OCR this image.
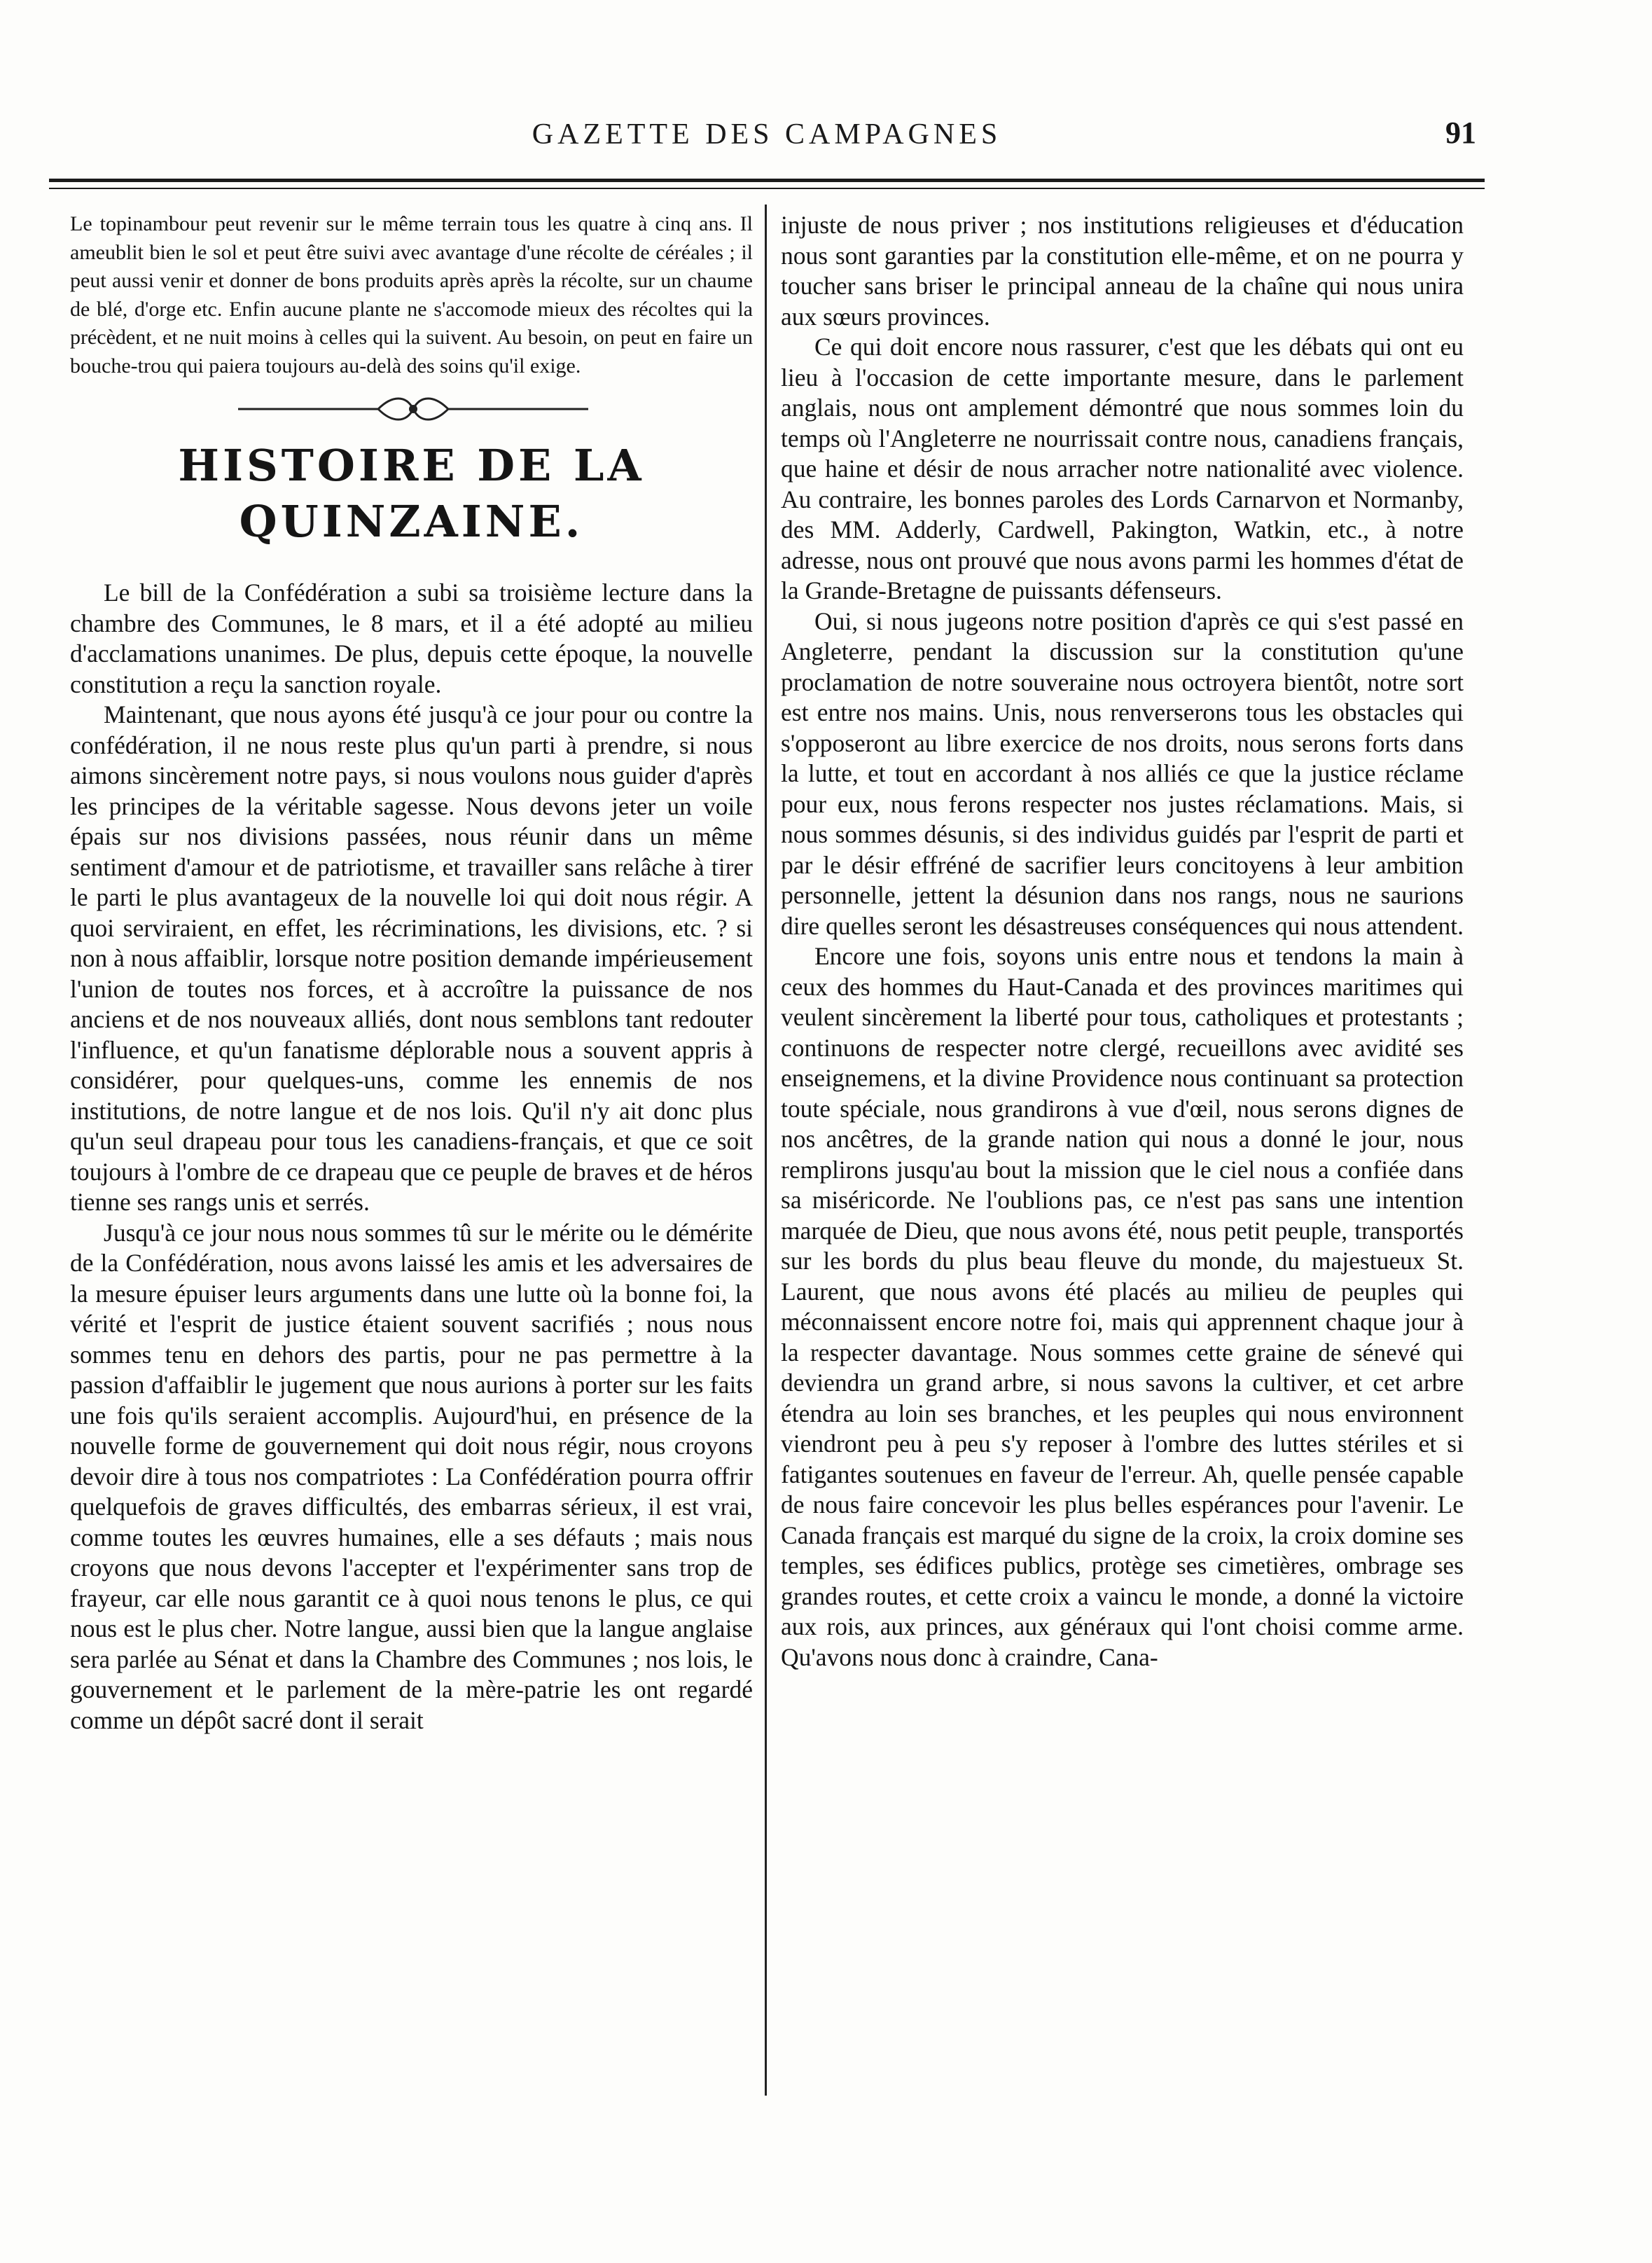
GAZETTE DES CAMPAGNES	91

Le topinambour peut revenir sur le même terrain tous les quatre à cinq ans. Il ameublit bien le sol et peut être suivi avec avantage d'une récolte de céréales ; il peut aussi venir et donner de bons produits après après la récolte, sur un chaume de blé, d'orge etc. Enfin aucune plante ne s'accomode mieux des récoltes qui la précèdent, et ne nuit moins à celles qui la suivent. Au besoin, on peut en faire un bouche-trou qui paiera toujours au-delà des soins qu'il exige.

HISTOIRE DE LA QUINZAINE.

Le bill de la Confédération a subi sa troisième lecture dans la chambre des Communes, le 8 mars, et il a été adopté au milieu d'acclamations unanimes. De plus, depuis cette époque, la nouvelle constitution a reçu la sanction royale.

Maintenant, que nous ayons été jusqu'à ce jour pour ou contre la confédération, il ne nous reste plus qu'un parti à prendre, si nous aimons sincèrement notre pays, si nous voulons nous guider d'après les principes de la véritable sagesse. Nous devons jeter un voile épais sur nos divisions passées, nous réunir dans un même sentiment d'amour et de patriotisme, et travailler sans relâche à tirer le parti le plus avantageux de la nouvelle loi qui doit nous régir. A quoi serviraient, en effet, les récriminations, les divisions, etc. ? si non à nous affaiblir, lorsque notre position demande impérieusement l'union de toutes nos forces, et à accroître la puissance de nos anciens et de nos nouveaux alliés, dont nous semblons tant redouter l'influence, et qu'un fanatisme déplorable nous a souvent appris à considérer, pour quelques-uns, comme les ennemis de nos institutions, de notre langue et de nos lois. Qu'il n'y ait donc plus qu'un seul drapeau pour tous les canadiens-français, et que ce soit toujours à l'ombre de ce drapeau que ce peuple de braves et de héros tienne ses rangs unis et serrés.

Jusqu'à ce jour nous nous sommes tû sur le mérite ou le démérite de la Confédération, nous avons laissé les amis et les adversaires de la mesure épuiser leurs arguments dans une lutte où la bonne foi, la vérité et l'esprit de justice étaient souvent sacrifiés ; nous nous sommes tenu en dehors des partis, pour ne pas permettre à la passion d'affaiblir le jugement que nous aurions à porter sur les faits une fois qu'ils seraient accomplis. Aujourd'hui, en présence de la nouvelle forme de gouvernement qui doit nous régir, nous croyons devoir dire à tous nos compatriotes : La Confédération pourra offrir quelquefois de graves difficultés, des embarras sérieux, il est vrai, comme toutes les œuvres humaines, elle a ses défauts ; mais nous croyons que nous devons l'accepter et l'expérimenter sans trop de frayeur, car elle nous garantit ce à quoi nous tenons le plus, ce qui nous est le plus cher. Notre langue, aussi bien que la langue anglaise sera parlée au Sénat et dans la Chambre des Communes ; nos lois, le gouvernement et le parlement de la mère-patrie les ont regardé comme un dépôt sacré dont il serait

injuste de nous priver ; nos institutions religieuses et d'éducation nous sont garanties par la constitution elle-même, et on ne pourra y toucher sans briser le principal anneau de la chaîne qui nous unira aux sœurs provinces.

Ce qui doit encore nous rassurer, c'est que les débats qui ont eu lieu à l'occasion de cette importante mesure, dans le parlement anglais, nous ont amplement démontré que nous sommes loin du temps où l'Angleterre ne nourrissait contre nous, canadiens français, que haine et désir de nous arracher notre nationalité avec violence. Au contraire, les bonnes paroles des Lords Carnarvon et Normanby, des MM. Adderly, Cardwell, Pakington, Watkin, etc., à notre adresse, nous ont prouvé que nous avons parmi les hommes d'état de la Grande-Bretagne de puissants défenseurs.

Oui, si nous jugeons notre position d'après ce qui s'est passé en Angleterre, pendant la discussion sur la constitution qu'une proclamation de notre souveraine nous octroyera bientôt, notre sort est entre nos mains. Unis, nous renverserons tous les obstacles qui s'opposeront au libre exercice de nos droits, nous serons forts dans la lutte, et tout en accordant à nos alliés ce que la justice réclame pour eux, nous ferons respecter nos justes réclamations. Mais, si nous sommes désunis, si des individus guidés par l'esprit de parti et par le désir effréné de sacrifier leurs concitoyens à leur ambition personnelle, jettent la désunion dans nos rangs, nous ne saurions dire quelles seront les désastreuses conséquences qui nous attendent.

Encore une fois, soyons unis entre nous et tendons la main à ceux des hommes du Haut-Canada et des provinces maritimes qui veulent sincèrement la liberté pour tous, catholiques et protestants ; continuons de respecter notre clergé, recueillons avec avidité ses enseignemens, et la divine Providence nous continuant sa protection toute spéciale, nous grandirons à vue d'œil, nous serons dignes de nos ancêtres, de la grande nation qui nous a donné le jour, nous remplirons jusqu'au bout la mission que le ciel nous a confiée dans sa miséricorde. Ne l'oublions pas, ce n'est pas sans une intention marquée de Dieu, que nous avons été, nous petit peuple, transportés sur les bords du plus beau fleuve du monde, du majestueux St. Laurent, que nous avons été placés au milieu de peuples qui méconnaissent encore notre foi, mais qui apprennent chaque jour à la respecter davantage. Nous sommes cette graine de sénevé qui deviendra un grand arbre, si nous savons la cultiver, et cet arbre étendra au loin ses branches, et les peuples qui nous environnent viendront peu à peu s'y reposer à l'ombre des luttes stériles et si fatigantes soutenues en faveur de l'erreur. Ah, quelle pensée capable de nous faire concevoir les plus belles espérances pour l'avenir. Le Canada français est marqué du signe de la croix, la croix domine ses temples, ses édifices publics, protège ses cimetières, ombrage ses grandes routes, et cette croix a vaincu le monde, a donné la victoire aux rois, aux princes, aux généraux qui l'ont choisi comme arme. Qu'avons nous donc à craindre, Cana-
